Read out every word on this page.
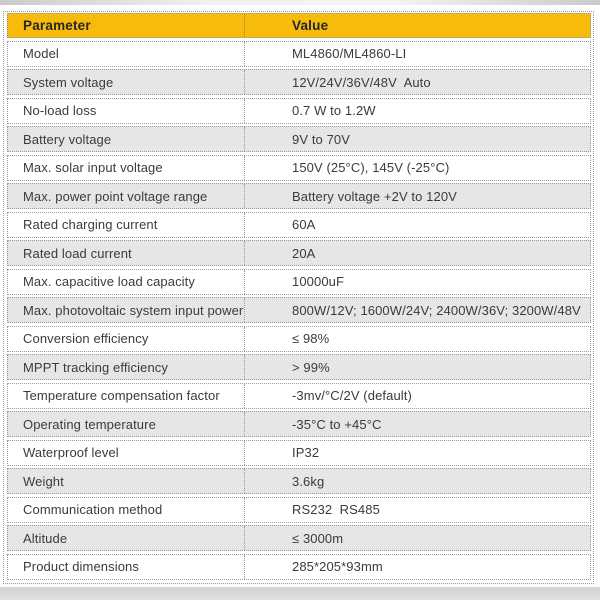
Parameter	Value
Model	ML4860/ML4860-LI
System voltage	12V/24V/36V/48V  Auto
No-load loss	0.7 W to 1.2W
Battery voltage	9V to 70V
Max. solar input voltage	150V (25°C), 145V (-25°C)
Max. power point voltage range	Battery voltage +2V to 120V
Rated charging current	60A
Rated load current	20A
Max. capacitive load capacity	10000uF
Max. photovoltaic system input power	800W/12V; 1600W/24V; 2400W/36V; 3200W/48V
Conversion efficiency	≤ 98%
MPPT tracking efficiency	> 99%
Temperature compensation factor	-3mv/°C/2V (default)
Operating temperature	-35°C to +45°C
Waterproof level	IP32
Weight	3.6kg
Communication method	RS232  RS485
Altitude	≤ 3000m
Product dimensions	285*205*93mm
